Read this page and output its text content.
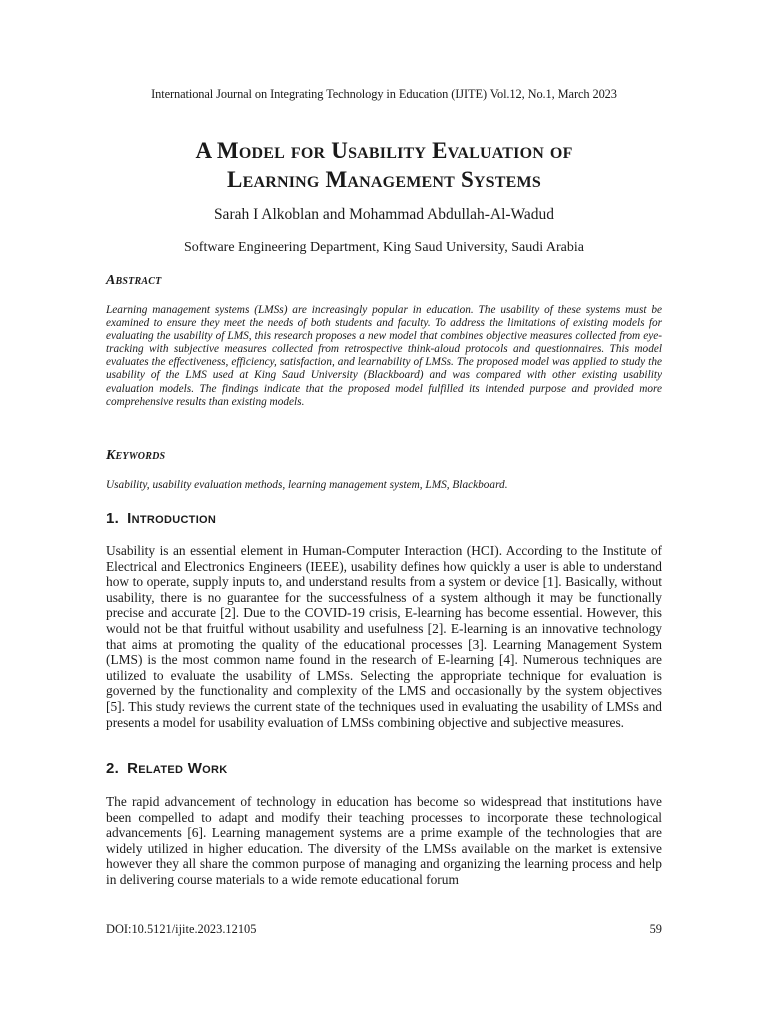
International Journal on Integrating Technology in Education (IJITE) Vol.12, No.1, March 2023
A Model for Usability Evaluation of
Learning Management Systems
Sarah I Alkoblan and Mohammad Abdullah-Al-Wadud
Software Engineering Department, King Saud University, Saudi Arabia
Abstract
Learning management systems (LMSs) are increasingly popular in education. The usability of these systems must be examined to ensure they meet the needs of both students and faculty. To address the limitations of existing models for evaluating the usability of LMS, this research proposes a new model that combines objective measures collected from eye-tracking with subjective measures collected from retrospective think-aloud protocols and questionnaires. This model evaluates the effectiveness, efficiency, satisfaction, and learnability of LMSs. The proposed model was applied to study the usability of the LMS used at King Saud University (Blackboard) and was compared with other existing usability evaluation models. The findings indicate that the proposed model fulfilled its intended purpose and provided more comprehensive results than existing models.
Keywords
Usability, usability evaluation methods, learning management system, LMS, Blackboard.
1. Introduction
Usability is an essential element in Human-Computer Interaction (HCI). According to the Institute of Electrical and Electronics Engineers (IEEE), usability defines how quickly a user is able to understand how to operate, supply inputs to, and understand results from a system or device [1]. Basically, without usability, there is no guarantee for the successfulness of a system although it may be functionally precise and accurate [2]. Due to the COVID-19 crisis, E-learning has become essential. However, this would not be that fruitful without usability and usefulness [2]. E-learning is an innovative technology that aims at promoting the quality of the educational processes [3]. Learning Management System (LMS) is the most common name found in the research of E-learning [4]. Numerous techniques are utilized to evaluate the usability of LMSs. Selecting the appropriate technique for evaluation is governed by the functionality and complexity of the LMS and occasionally by the system objectives [5]. This study reviews the current state of the techniques used in evaluating the usability of LMSs and presents a model for usability evaluation of LMSs combining objective and subjective measures.
2. Related Work
The rapid advancement of technology in education has become so widespread that institutions have been compelled to adapt and modify their teaching processes to incorporate these technological advancements [6]. Learning management systems are a prime example of the technologies that are widely utilized in higher education. The diversity of the LMSs available on the market is extensive however they all share the common purpose of managing and organizing the learning process and help in delivering course materials to a wide remote educational forum
DOI:10.5121/ijite.2023.12105	59
